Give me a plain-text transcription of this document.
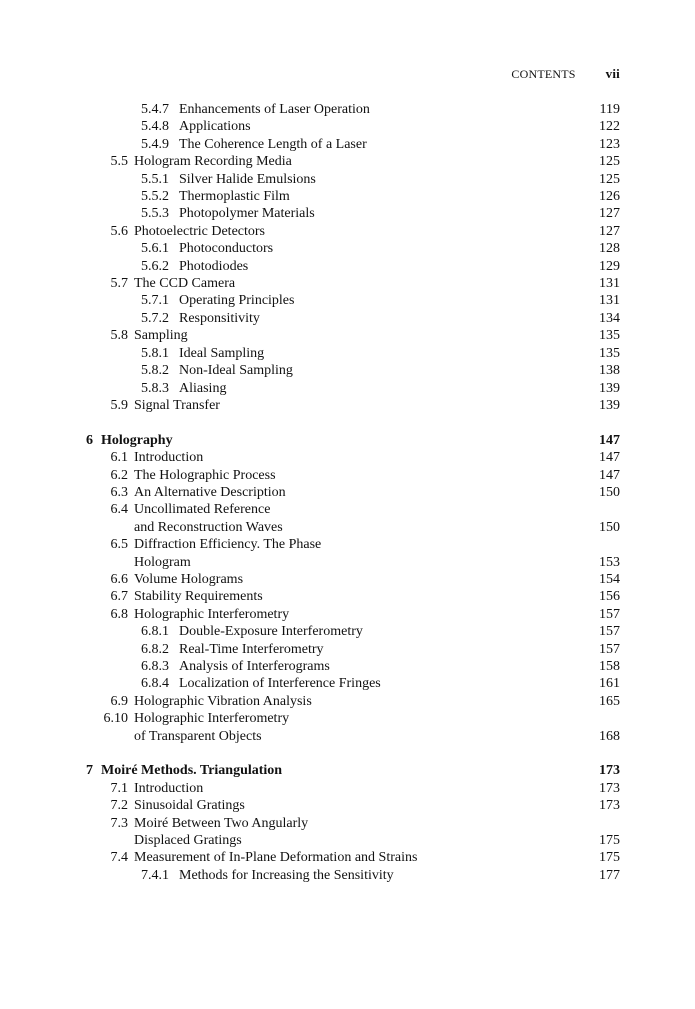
CONTENTS vii
5.4.7 Enhancements of Laser Operation	119
5.4.8 Applications	122
5.4.9 The Coherence Length of a Laser	123
5.5 Hologram Recording Media	125
5.5.1 Silver Halide Emulsions	125
5.5.2 Thermoplastic Film	126
5.5.3 Photopolymer Materials	127
5.6 Photoelectric Detectors	127
5.6.1 Photoconductors	128
5.6.2 Photodiodes	129
5.7 The CCD Camera	131
5.7.1 Operating Principles	131
5.7.2 Responsitivity	134
5.8 Sampling	135
5.8.1 Ideal Sampling	135
5.8.2 Non-Ideal Sampling	138
5.8.3 Aliasing	139
5.9 Signal Transfer	139
6 Holography	147
6.1 Introduction	147
6.2 The Holographic Process	147
6.3 An Alternative Description	150
6.4 Uncollimated Reference
and Reconstruction Waves	150
6.5 Diffraction Efficiency. The Phase
Hologram	153
6.6 Volume Holograms	154
6.7 Stability Requirements	156
6.8 Holographic Interferometry	157
6.8.1 Double-Exposure Interferometry	157
6.8.2 Real-Time Interferometry	157
6.8.3 Analysis of Interferograms	158
6.8.4 Localization of Interference Fringes	161
6.9 Holographic Vibration Analysis	165
6.10 Holographic Interferometry
of Transparent Objects	168
7 Moiré Methods. Triangulation	173
7.1 Introduction	173
7.2 Sinusoidal Gratings	173
7.3 Moiré Between Two Angularly
Displaced Gratings	175
7.4 Measurement of In-Plane Deformation and Strains	175
7.4.1 Methods for Increasing the Sensitivity	177
